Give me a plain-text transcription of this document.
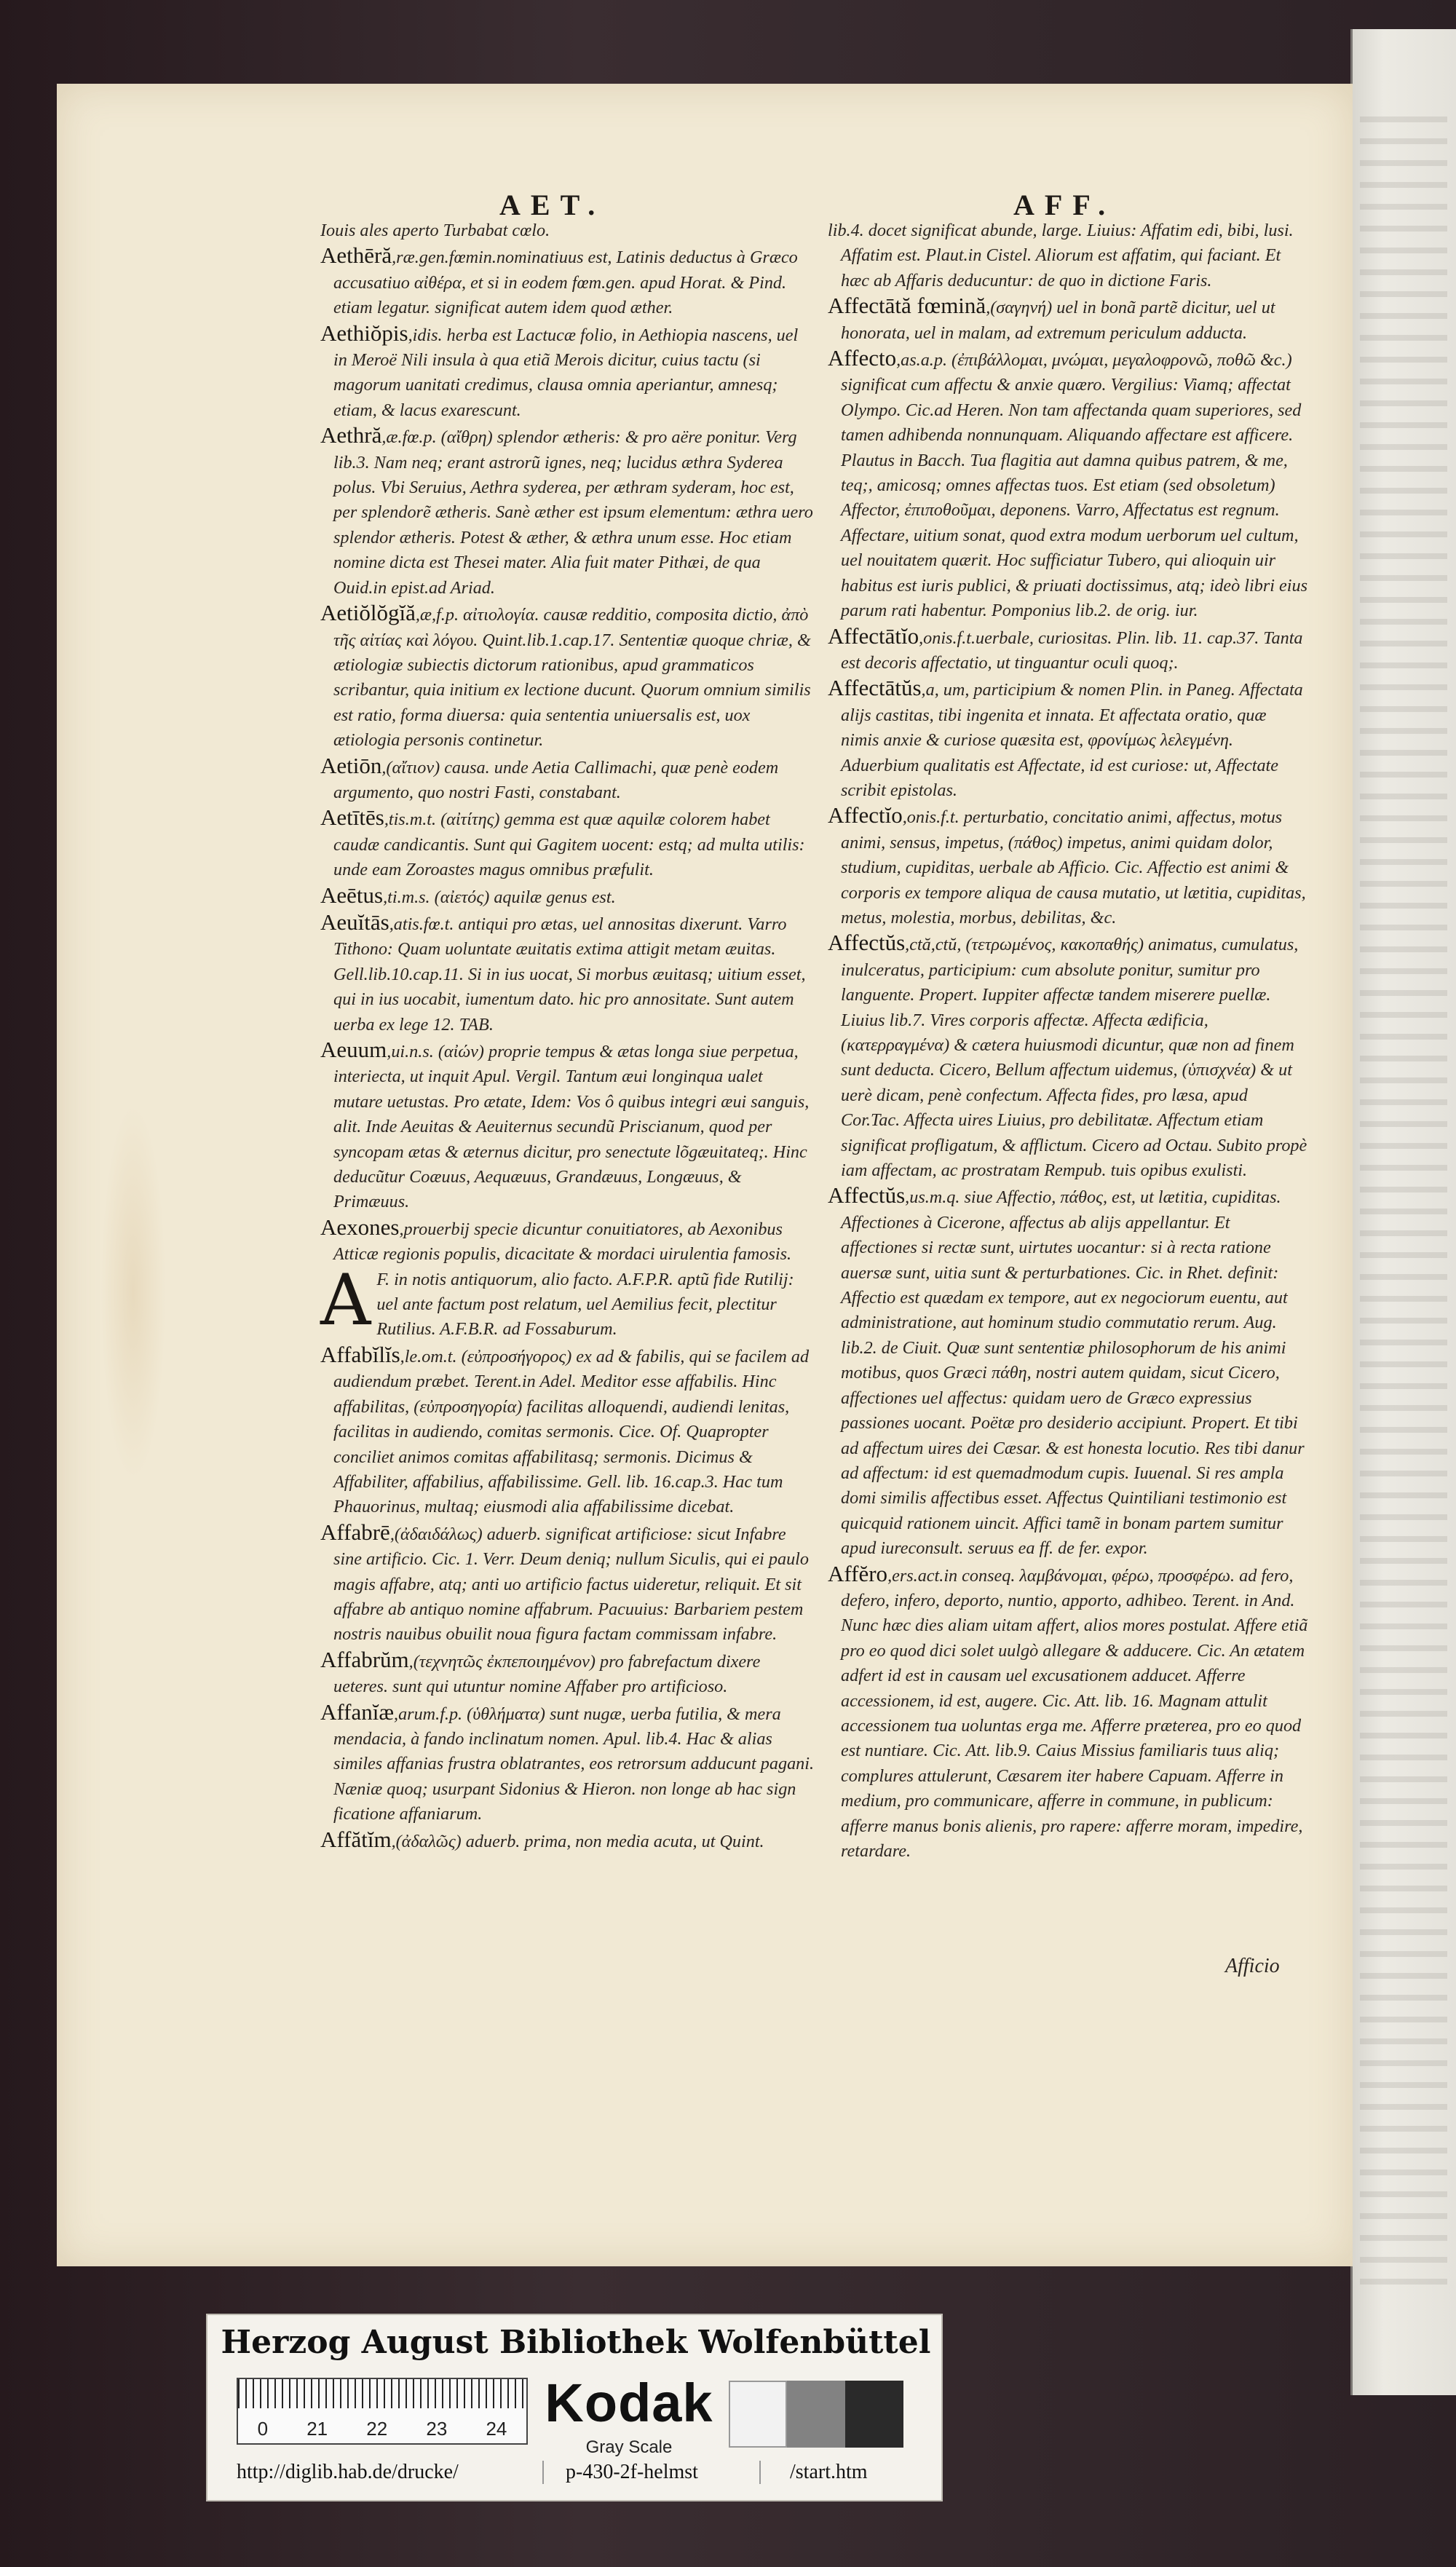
AET.	AFF.
Iouis ales aperto Turbabat cœlo.
Aethēră,ræ.gen.fœmin.nominatiuus est, Latinis deductus à Græco accusatiuo αἰθέρα, et si in eodem fœm.gen. apud Horat. & Pind. etiam legatur. significat autem idem quod æther.
Aethiŏpis,idis. herba est Lactucæ folio, in Aethiopia nascens, uel in Meroë Nili insula à qua etiã Merois dicitur, cuius tactu (si magorum uanitati credimus, clausa omnia aperiantur, amnesq; etiam, & lacus exarescunt.
Aethră,æ.fœ.p. (αἴθρη) splendor ætheris: & pro aëre ponitur. Verg lib.3. Nam neq; erant astrorũ ignes, neq; lucidus æthra Syderea polus. Vbi Seruius, Aethra syderea, per æthram syderam, hoc est, per splendorẽ ætheris. Sanè æther est ipsum elementum: æthra uero splendor ætheris. Potest & æther, & æthra unum esse. Hoc etiam nomine dicta est Thesei mater. Alia fuit mater Pithæi, de qua Ouid.in epist.ad Ariad.
Aetiŏlŏgĭă,æ,f.p. αἰτιολογία. causæ redditio, composita dictio, ἀπὸ τῆς αἰτίας καὶ λόγου. Quint.lib.1.cap.17. Sententiæ quoque chriæ, & ætiologiæ subiectis dictorum rationibus, apud grammaticos scribantur, quia initium ex lectione ducunt. Quorum omnium similis est ratio, forma diuersa: quia sententia uniuersalis est, uox ætiologia personis continetur.
Aetiōn,(αἴτιον) causa. unde Aetia Callimachi, quæ penè eodem argumento, quo nostri Fasti, constabant.
Aetītēs,tis.m.t. (αἰτίτης) gemma est quæ aquilæ colorem habet caudæ candicantis. Sunt qui Gagitem uocent: estq; ad multa utilis: unde eam Zoroastes magus omnibus præfulit.
Aeētus,ti.m.s. (αἰετός) aquilæ genus est.
Aeuĭtās,atis.fœ.t. antiqui pro ætas, uel annositas dixerunt. Varro Tithono: Quam uoluntate æuitatis extima attigit metam æuitas. Gell.lib.10.cap.11. Si in ius uocat, Si morbus æuitasq; uitium esset, qui in ius uocabit, iumentum dato. hic pro annositate. Sunt autem uerba ex lege 12. TAB.
Aeuum,ui.n.s. (αἰών) proprie tempus & ætas longa siue perpetua, interiecta, ut inquit Apul. Vergil. Tantum æui longinqua ualet mutare uetustas. Pro ætate, Idem: Vos ô quibus integri æui sanguis, alit. Inde Aeuitas & Aeuiternus secundũ Priscianum, quod per syncopam ætas & æternus dicitur, pro senectute lõgæuitateq;. Hinc deducũtur Coæuus, Aequæuus, Grandæuus, Longæuus, & Primæuus.
Aexones,prouerbij specie dicuntur conuitiatores, ab Aexonibus Atticæ regionis populis, dicacitate & mordaci uirulentia famosis.
A F. in notis antiquorum, alio facto. A.F.P.R. aptũ fide Rutilij: uel ante factum post relatum, uel Aemilius fecit, plectitur Rutilius. A.F.B.R. ad Fossaburum.
Affabĭlĭs,le.om.t. (εὐπροσήγορος) ex ad & fabilis, qui se facilem ad audiendum præbet. Terent.in Adel. Meditor esse affabilis. Hinc affabilitas, (εὐπροσηγορία) facilitas alloquendi, audiendi lenitas, facilitas in audiendo, comitas sermonis. Cice. Of. Quapropter conciliet animos comitas affabilitasq; sermonis. Dicimus & Affabiliter, affabilius, affabilissime. Gell. lib. 16.cap.3. Hac tum Phauorinus, multaq; eiusmodi alia affabilissime dicebat.
Affabrē,(ἀδαιδάλως) aduerb. significat artificiose: sicut Infabre sine artificio. Cic. 1. Verr. Deum deniq; nullum Siculis, qui ei paulo magis affabre, atq; anti uo artificio factus uideretur, reliquit. Et sit affabre ab antiquo nomine affabrum. Pacuuius: Barbariem pestem nostris nauibus obuilit noua figura factam commissam infabre.
Affabrŭm,(τεχνητῶς ἐκπεποιημένον) pro fabrefactum dixere ueteres. sunt qui utuntur nomine Affaber pro artificioso.
Affanĭæ,arum.f.p. (ὑθλήματα) sunt nugæ, uerba futilia, & mera mendacia, à fando inclinatum nomen. Apul. lib.4. Hac & alias similes affanias frustra oblatrantes, eos retrorsum adducunt pagani. Næniæ quoq; usurpant Sidonius & Hieron. non longe ab hac sign ficatione affaniarum.
Affătĭm,(ἀδαλῶς) aduerb. prima, non media acuta, ut Quint.
lib.4. docet significat abunde, large. Liuius: Affatim edi, bibi, lusi. Affatim est. Plaut.in Cistel. Aliorum est affatim, qui faciant. Et hæc ab Affaris deducuntur: de quo in dictione Faris.
Affectātă fœmină,(σαγηνή) uel in bonã partẽ dicitur, uel ut honorata, uel in malam, ad extremum periculum adducta.
Affecto,as.a.p. (ἐπιβάλλομαι, μνώμαι, μεγαλοφρονῶ, ποθῶ &c.) significat cum affectu & anxie quæro. Vergilius: Viamq; affectat Olympo. Cic.ad Heren. Non tam affectanda quam superiores, sed tamen adhibenda nonnunquam. Aliquando affectare est afficere. Plautus in Bacch. Tua flagitia aut damna quibus patrem, & me, teq;, amicosq; omnes affectas tuos. Est etiam (sed obsoletum) Affector, ἐπιποθοῦμαι, deponens. Varro, Affectatus est regnum. Affectare, uitium sonat, quod extra modum uerborum uel cultum, uel nouitatem quærit. Hoc sufficiatur Tubero, qui alioquin uir habitus est iuris publici, & priuati doctissimus, atq; ideò libri eius parum rati habentur. Pomponius lib.2. de orig. iur.
Affectātĭo,onis.f.t.uerbale, curiositas. Plin. lib. 11. cap.37. Tanta est decoris affectatio, ut tinguantur oculi quoq;.
Affectātŭs,a, um, participium & nomen Plin. in Paneg. Affectata alijs castitas, tibi ingenita et innata. Et affectata oratio, quæ nimis anxie & curiose quæsita est, φρονίμως λελεγμένη. Aduerbium qualitatis est Affectate, id est curiose: ut, Affectate scribit epistolas.
Affectĭo,onis.f.t. perturbatio, concitatio animi, affectus, motus animi, sensus, impetus, (πάθος) impetus, animi quidam dolor, studium, cupiditas, uerbale ab Afficio. Cic. Affectio est animi & corporis ex tempore aliqua de causa mutatio, ut lætitia, cupiditas, metus, molestia, morbus, debilitas, &c.
Affectŭs,ctă,ctŭ, (τετρωμένος, κακοπαθής) animatus, cumulatus, inulceratus, participium: cum absolute ponitur, sumitur pro languente. Propert. Iuppiter affectæ tandem miserere puellæ. Liuius lib.7. Vires corporis affectæ. Affecta ædificia, (κατερραγμένα) & cætera huiusmodi dicuntur, quæ non ad finem sunt deducta. Cicero, Bellum affectum uidemus, (ὑπισχνέα) & ut uerè dicam, penè confectum. Affecta fides, pro læsa, apud Cor.Tac. Affecta uires Liuius, pro debilitatæ. Affectum etiam significat profligatum, & afflictum. Cicero ad Octau. Subito propè iam affectam, ac prostratam Rempub. tuis opibus exulisti.
Affectŭs,us.m.q. siue Affectio, πάθος, est, ut lætitia, cupiditas. Affectiones à Cicerone, affectus ab alijs appellantur. Et affectiones si rectæ sunt, uirtutes uocantur: si à recta ratione auersæ sunt, uitia sunt & perturbationes. Cic. in Rhet. definit: Affectio est quædam ex tempore, aut ex negociorum euentu, aut administratione, aut hominum studio commutatio rerum. Aug. lib.2. de Ciuit. Quæ sunt sententiæ philosophorum de his animi motibus, quos Græci πάθη, nostri autem quidam, sicut Cicero, affectiones uel affectus: quidam uero de Græco expressius passiones uocant. Poëtæ pro desiderio accipiunt. Propert. Et tibi ad affectum uires dei Cæsar. & est honesta locutio. Res tibi danur ad affectum: id est quemadmodum cupis. Iuuenal. Si res ampla domi similis affectibus esset. Affectus Quintiliani testimonio est quicquid rationem uincit. Affici tamẽ in bonam partem sumitur apud iureconsult. seruus ea ff. de fer. expor.
Affĕro,ers.act.in conseq. λαμβάνομαι, φέρω, προσφέρω. ad fero, defero, infero, deporto, nuntio, apporto, adhibeo. Terent. in And. Nunc hæc dies aliam uitam affert, alios mores postulat. Affere etiã pro eo quod dici solet uulgò allegare & adducere. Cic. An ætatem adfert id est in causam uel excusationem adducet. Afferre accessionem, id est, augere. Cic. Att. lib. 16. Magnam attulit accessionem tua uoluntas erga me. Afferre præterea, pro eo quod est nuntiare. Cic. Att. lib.9. Caius Missius familiaris tuus aliq; complures attulerunt, Cæsarem iter habere Capuam. Afferre in medium, pro communicare, afferre in commune, in publicum: afferre manus bonis alienis, pro rapere: afferre moram, impedire, retardare.
Afficio
Herzog August Bibliothek Wolfenbüttel
0 21 22 23 24 Kodak
Gray Scale
http://diglib.hab.de/drucke/	p-430-2f-helmst	/start.htm
